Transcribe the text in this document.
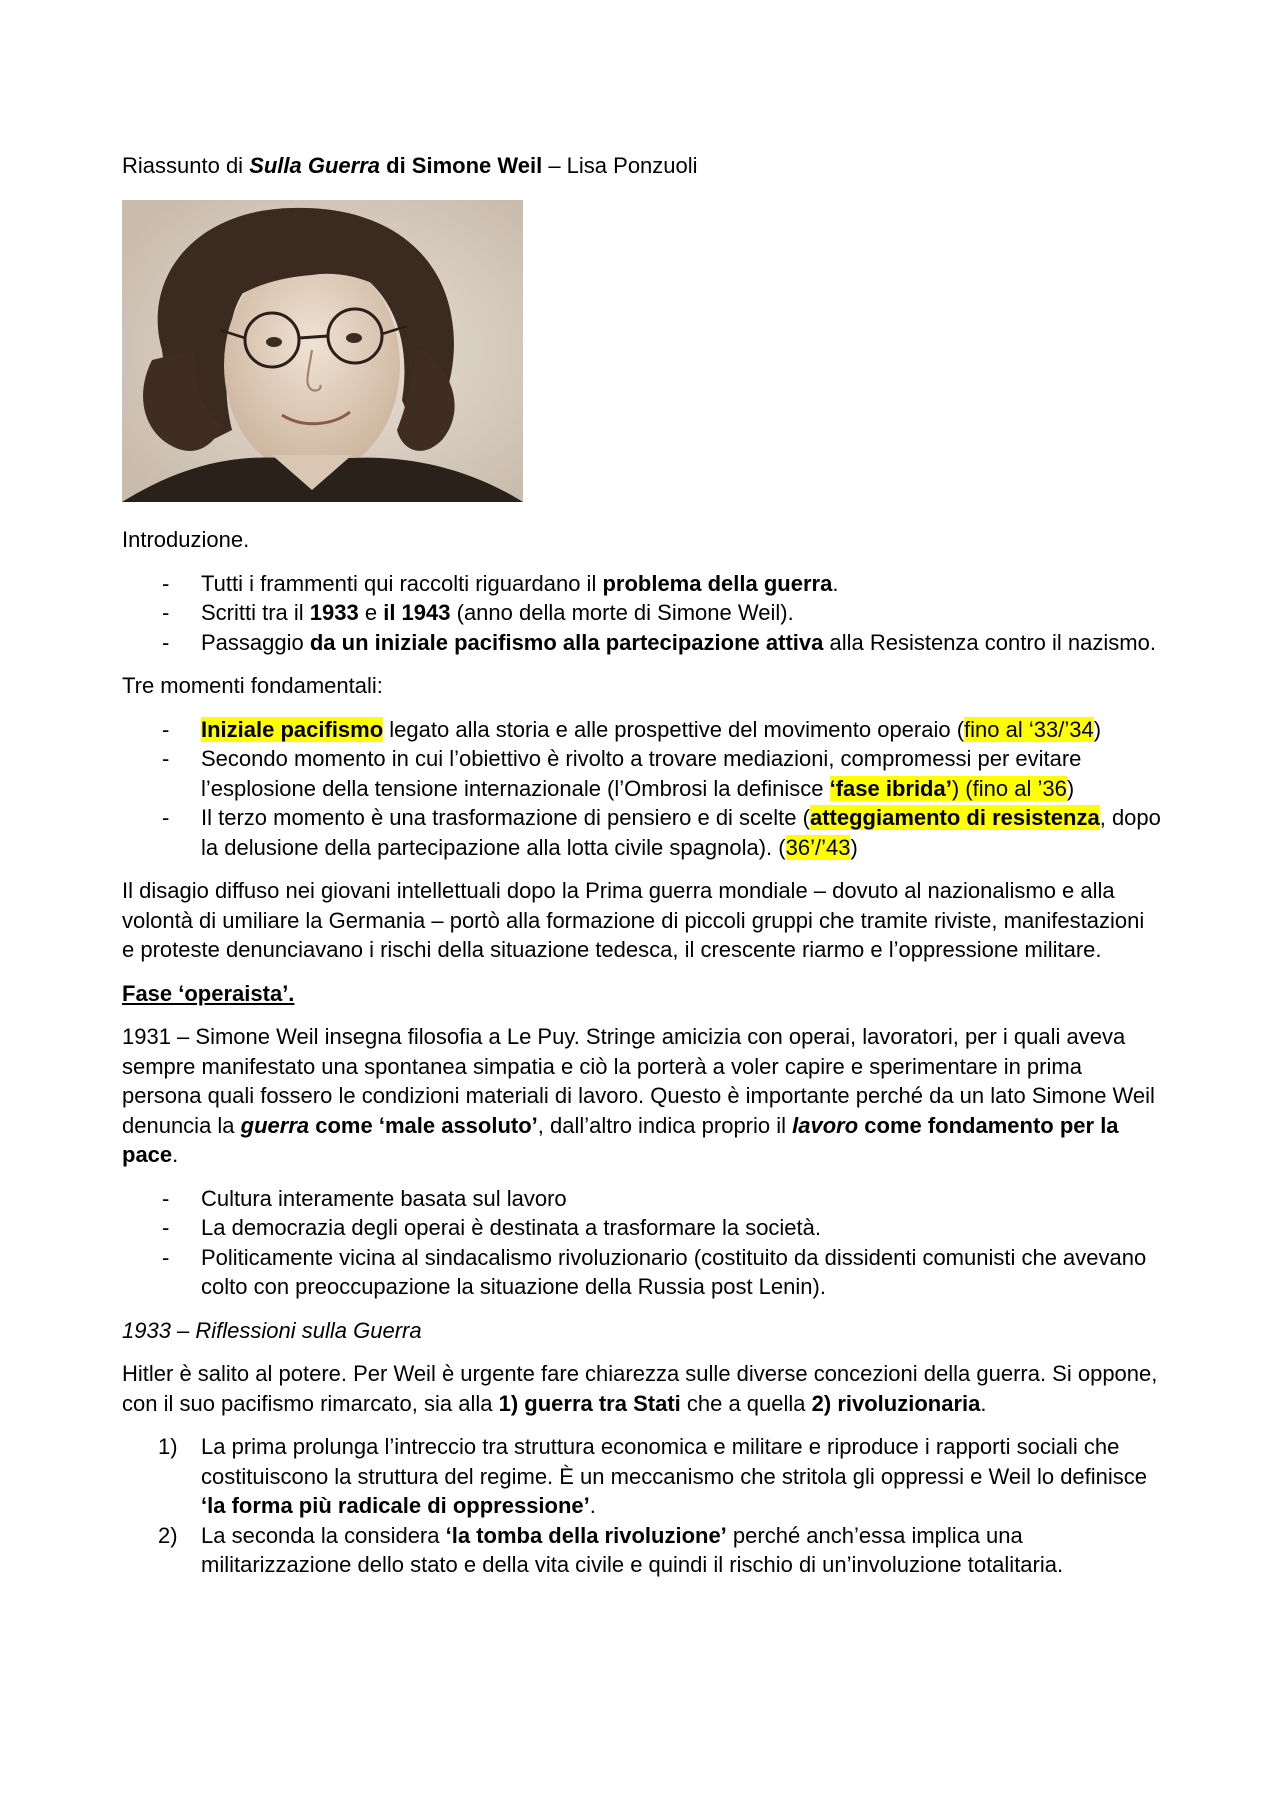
Riassunto di Sulla Guerra di Simone Weil – Lisa Ponzuoli

Introduzione.

- Tutti i frammenti qui raccolti riguardano il problema della guerra.
- Scritti tra il 1933 e il 1943 (anno della morte di Simone Weil).
- Passaggio da un iniziale pacifismo alla partecipazione attiva alla Resistenza contro il nazismo.

Tre momenti fondamentali:

- Iniziale pacifismo legato alla storia e alle prospettive del movimento operaio (fino al ‘33/’34)
- Secondo momento in cui l’obiettivo è rivolto a trovare mediazioni, compromessi per evitare l’esplosione della tensione internazionale (l’Ombrosi la definisce ‘fase ibrida’) (fino al ’36)
- Il terzo momento è una trasformazione di pensiero e di scelte (atteggiamento di resistenza, dopo la delusione della partecipazione alla lotta civile spagnola). (36’/’43)

Il disagio diffuso nei giovani intellettuali dopo la Prima guerra mondiale – dovuto al nazionalismo e alla volontà di umiliare la Germania – portò alla formazione di piccoli gruppi che tramite riviste, manifestazioni e proteste denunciavano i rischi della situazione tedesca, il crescente riarmo e l’oppressione militare.

Fase ‘operaista’.

1931 – Simone Weil insegna filosofia a Le Puy. Stringe amicizia con operai, lavoratori, per i quali aveva sempre manifestato una spontanea simpatia e ciò la porterà a voler capire e sperimentare in prima persona quali fossero le condizioni materiali di lavoro. Questo è importante perché da un lato Simone Weil denuncia la guerra come ‘male assoluto’, dall’altro indica proprio il lavoro come fondamento per la pace.

- Cultura interamente basata sul lavoro
- La democrazia degli operai è destinata a trasformare la società.
- Politicamente vicina al sindacalismo rivoluzionario (costituito da dissidenti comunisti che avevano colto con preoccupazione la situazione della Russia post Lenin).

1933 – Riflessioni sulla Guerra

Hitler è salito al potere. Per Weil è urgente fare chiarezza sulle diverse concezioni della guerra. Si oppone, con il suo pacifismo rimarcato, sia alla 1) guerra tra Stati che a quella 2) rivoluzionaria.

1) La prima prolunga l’intreccio tra struttura economica e militare e riproduce i rapporti sociali che costituiscono la struttura del regime. È un meccanismo che stritola gli oppressi e Weil lo definisce ‘la forma più radicale di oppressione’.
2) La seconda la considera ‘la tomba della rivoluzione’ perché anch’essa implica una militarizzazione dello stato e della vita civile e quindi il rischio di un’involuzione totalitaria.
